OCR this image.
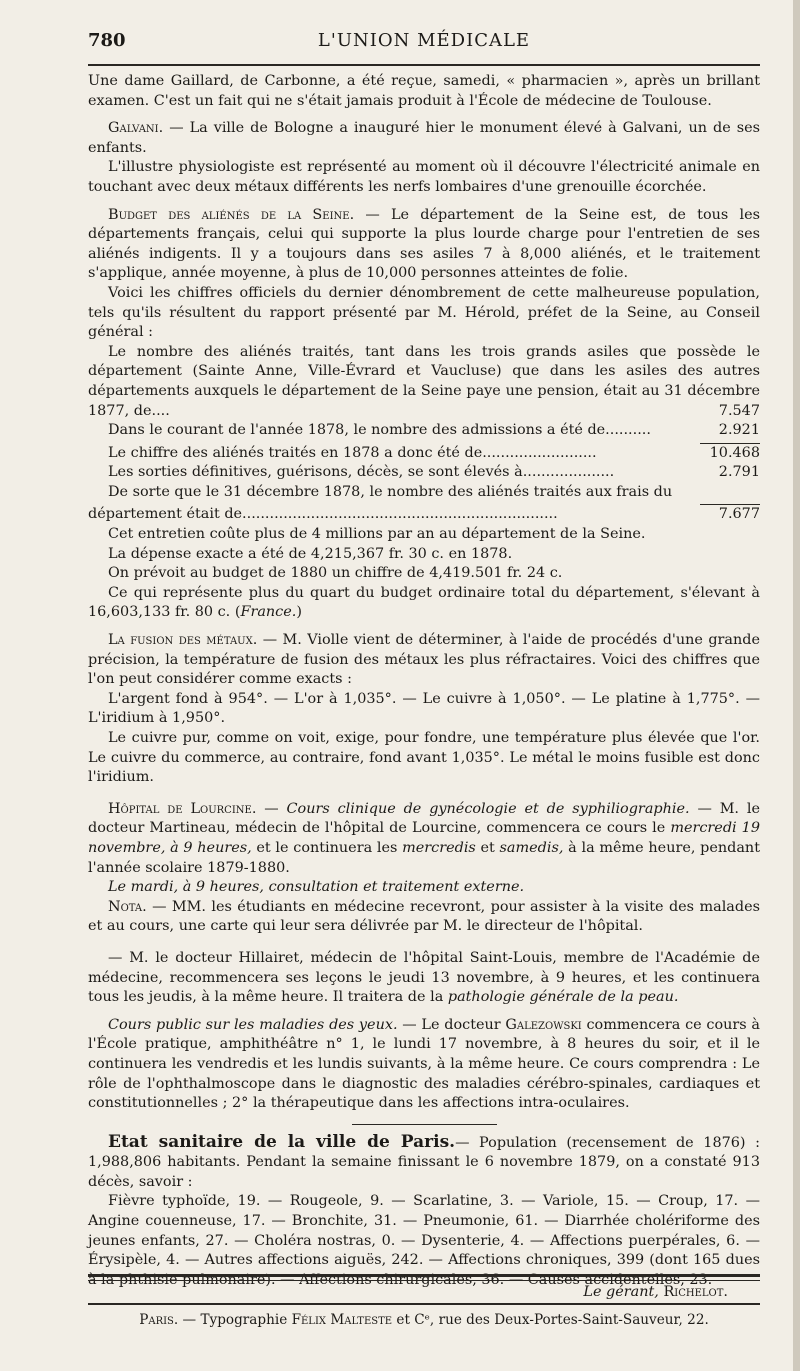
780	L'UNION MÉDICALE

Une dame Gaillard, de Carbonne, a été reçue, samedi, « pharmacien », après un brillant examen. C'est un fait qui ne s'était jamais produit à l'École de médecine de Toulouse.

Galvani. — La ville de Bologne a inauguré hier le monument élevé à Galvani, un de ses enfants.

L'illustre physiologiste est représenté au moment où il découvre l'électricité animale en touchant avec deux métaux différents les nerfs lombaires d'une grenouille écorchée.

Budget des aliénés de la Seine. — Le département de la Seine est, de tous les départements français, celui qui supporte la plus lourde charge pour l'entretien de ses aliénés indigents. Il y a toujours dans ses asiles 7 à 8,000 aliénés, et le traitement s'applique, année moyenne, à plus de 10,000 personnes atteintes de folie.

Voici les chiffres officiels du dernier dénombrement de cette malheureuse population, tels qu'ils résultent du rapport présenté par M. Hérold, préfet de la Seine, au Conseil général :

Le nombre des aliénés traités, tant dans les trois grands asiles que possède le département (Sainte Anne, Ville-Évrard et Vaucluse) que dans les asiles des autres départements auxquels le département de la Seine paye une pension, était au 31 décembre 1877, de....	7.547

Dans le courant de l'année 1878, le nombre des admissions a été de..........	2.921
Le chiffre des aliénés traités en 1878 a donc été de.........................	10.468
Les sorties définitives, guérisons, décès, se sont élevés à....................	2.791

De sorte que le 31 décembre 1878, le nombre des aliénés traités aux frais du

département était de.....................................................................	7.677

Cet entretien coûte plus de 4 millions par an au département de la Seine.

La dépense exacte a été de 4,215,367 fr. 30 c. en 1878.

On prévoit au budget de 1880 un chiffre de 4,419.501 fr. 24 c.

Ce qui représente plus du quart du budget ordinaire total du département, s'élevant à 16,603,133 fr. 80 c. (France.)

La fusion des métaux. — M. Violle vient de déterminer, à l'aide de procédés d'une grande précision, la température de fusion des métaux les plus réfractaires. Voici des chiffres que l'on peut considérer comme exacts :

L'argent fond à 954°. — L'or à 1,035°. — Le cuivre à 1,050°. — Le platine à 1,775°. — L'iridium à 1,950°.

Le cuivre pur, comme on voit, exige, pour fondre, une température plus élevée que l'or. Le cuivre du commerce, au contraire, fond avant 1,035°. Le métal le moins fusible est donc l'iridium.

Hôpital de Lourcine. — Cours clinique de gynécologie et de syphiliographie. — M. le docteur Martineau, médecin de l'hôpital de Lourcine, commencera ce cours le mercredi 19 novembre, à 9 heures, et le continuera les mercredis et samedis, à la même heure, pendant l'année scolaire 1879-1880.

Le mardi, à 9 heures, consultation et traitement externe.

Nota. — MM. les étudiants en médecine recevront, pour assister à la visite des malades et au cours, une carte qui leur sera délivrée par M. le directeur de l'hôpital.

— M. le docteur Hillairet, médecin de l'hôpital Saint-Louis, membre de l'Académie de médecine, recommencera ses leçons le jeudi 13 novembre, à 9 heures, et les continuera tous les jeudis, à la même heure. Il traitera de la pathologie générale de la peau.

Cours public sur les maladies des yeux. — Le docteur Galezowski commencera ce cours à l'École pratique, amphithéâtre n° 1, le lundi 17 novembre, à 8 heures du soir, et il le continuera les vendredis et les lundis suivants, à la même heure. Ce cours comprendra : Le rôle de l'ophthalmoscope dans le diagnostic des maladies cérébro-spinales, cardiaques et constitutionnelles ; 2° la thérapeutique dans les affections intra-oculaires.

Etat sanitaire de la ville de Paris.— Population (recensement de 1876) : 1,988,806 habitants. Pendant la semaine finissant le 6 novembre 1879, on a constaté 913 décès, savoir :

Fièvre typhoïde, 19. — Rougeole, 9. — Scarlatine, 3. — Variole, 15. — Croup, 17. — Angine couenneuse, 17. — Bronchite, 31. — Pneumonie, 61. — Diarrhée cholériforme des jeunes enfants, 27. — Choléra nostras, 0. — Dysenterie, 4. — Affections puerpérales, 6. — Érysipèle, 4. — Autres affections aiguës, 242. — Affections chroniques, 399 (dont 165 dues à la phthisie pulmonaire). — Affections chirurgicales, 36. — Causes accidentelles, 23.

Le gérant, Richelot.
Paris. — Typographie Félix Malteste et Cᵉ, rue des Deux-Portes-Saint-Sauveur, 22.
